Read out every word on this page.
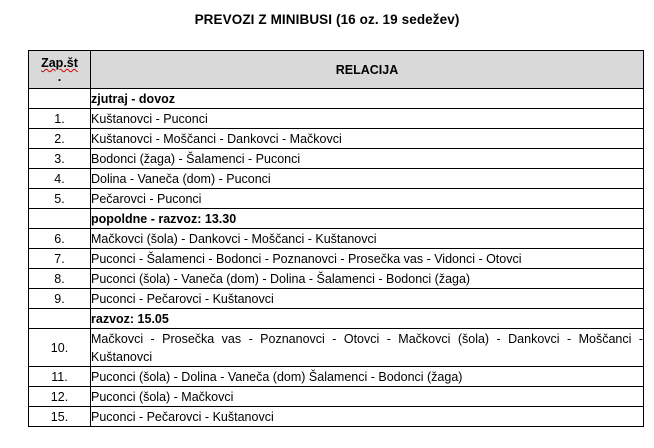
PREVOZI Z MINIBUSI (16 oz. 19 sedežev)
Zap.št
.	RELACIJA
	zjutraj - dovoz
1.	Kuštanovci - Puconci
2.	Kuštanovci - Moščanci - Dankovci - Mačkovci
3.	Bodonci (žaga) - Šalamenci - Puconci
4.	Dolina - Vaneča (dom) - Puconci
5.	Pečarovci - Puconci
	popoldne - razvoz: 13.30
6.	Mačkovci (šola) - Dankovci - Moščanci - Kuštanovci
7.	Puconci - Šalamenci - Bodonci - Poznanovci - Prosečka vas - Vidonci - Otovci
8.	Puconci (šola) - Vaneča (dom) - Dolina - Šalamenci - Bodonci (žaga)
9.	Puconci - Pečarovci - Kuštanovci
	razvoz: 15.05
10.	Mačkovci - Prosečka vas - Poznanovci - Otovci - Mačkovci (šola) - Dankovci - Moščanci - Kuštanovci
11.	Puconci (šola) - Dolina - Vaneča (dom) Šalamenci - Bodonci (žaga)
12.	Puconci (šola) - Mačkovci
15.	Puconci - Pečarovci - Kuštanovci
